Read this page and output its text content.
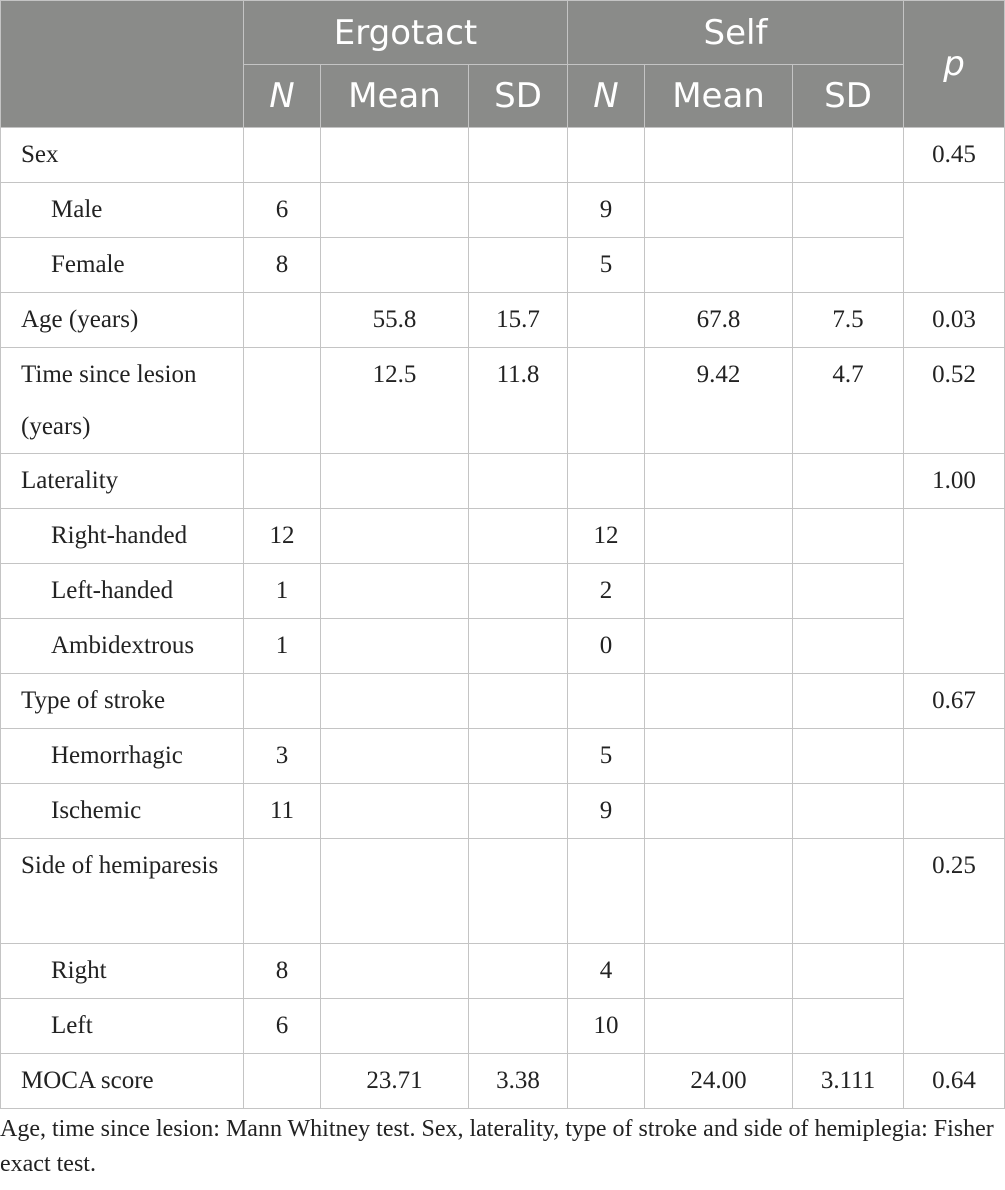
	Ergotact			Self			p
	N	Mean	SD	N	Mean	SD	
Sex							0.45
Male	6			9			
Female	8			5			
Age (years)		55.8	15.7		67.8	7.5	0.03
Time since lesion (years)		12.5	11.8		9.42	4.7	0.52
Laterality							1.00
Right-handed	12			12			
Left-handed	1			2			
Ambidextrous	1			0			
Type of stroke							0.67
Hemorrhagic	3			5			
Ischemic	11			9			
Side of hemiparesis							0.25
Right	8			4			
Left	6			10			
MOCA score		23.71	3.38		24.00	3.111	0.64

Age, time since lesion: Mann Whitney test. Sex, laterality, type of stroke and side of hemiplegia: Fisher exact test.
